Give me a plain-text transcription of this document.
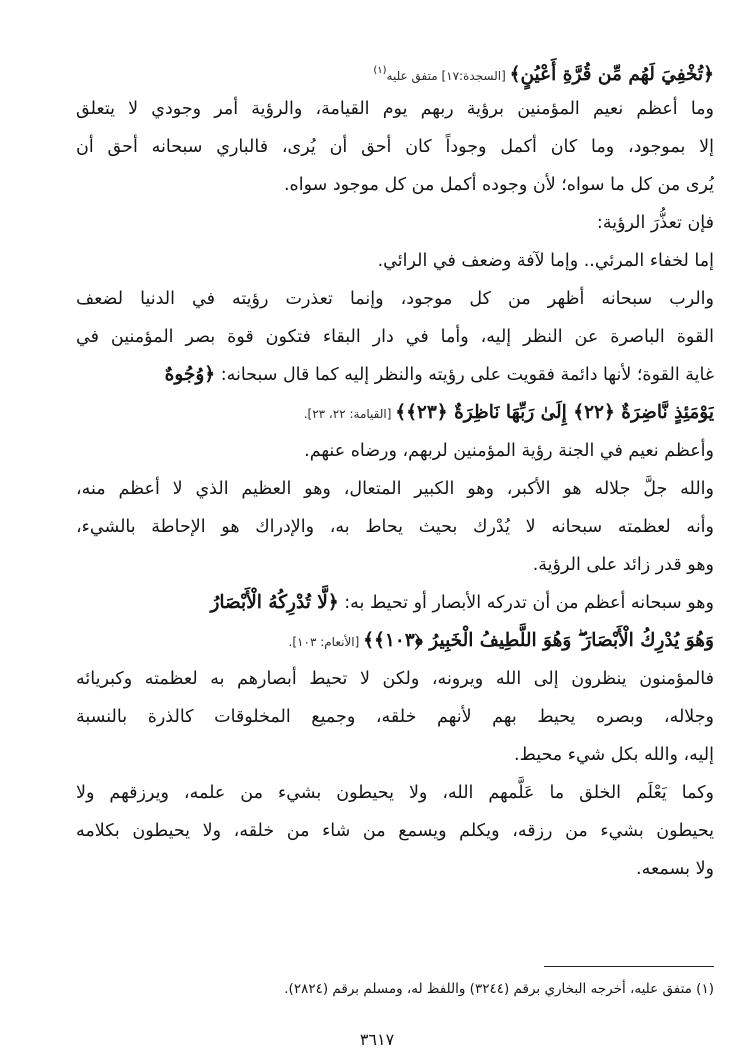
﴿تُخْفِيَ لَهُم مِّن قُرَّةِ أَعْيُنٍ﴾ [السجدة:١٧] متفق عليه$^{(١)}$
وما أعظم نعيم المؤمنين برؤية ربهم يوم القيامة، والرؤية أمر وجودي لا يتعلق
إلا بموجود، وما كان أكمل وجوداً كان أحق أن يُرى، فالباري سبحانه أحق أن
يُرى من كل ما سواه؛ لأن وجوده أكمل من كل موجود سواه.
فإن تعذُّرَ الرؤية:
إما لخفاء المرئي.. وإما لآفة وضعف في الرائي.
والرب سبحانه أظهر من كل موجود، وإنما تعذرت رؤيته في الدنيا لضعف
القوة الباصرة عن النظر إليه، وأما في دار البقاء فتكون قوة بصر المؤمنين في
غاية القوة؛ لأنها دائمة فقويت على رؤيته والنظر إليه كما قال سبحانه: ﴿وُجُوهٌ
يَوْمَئِذٍ نَّاضِرَةٌ ﴿٢٢﴾ إِلَىٰ رَبِّهَا نَاظِرَةٌ ﴿٢٣﴾﴾ [القيامة: ٢٢، ٢٣].
وأعظم نعيم في الجنة رؤية المؤمنين لربهم، ورضاه عنهم.
والله جلَّ جلاله هو الأكبر، وهو الكبير المتعال، وهو العظيم الذي لا أعظم منه،
وأنه لعظمته سبحانه لا يُدْرك بحيث يحاط به، والإدراك هو الإحاطة بالشيء،
وهو قدر زائد على الرؤية.
وهو سبحانه أعظم من أن تدركه الأبصار أو تحيط به: ﴿لَّا تُدْرِكُهُ الْأَبْصَارُ
وَهُوَ يُدْرِكُ الْأَبْصَارَ ۖ وَهُوَ اللَّطِيفُ الْخَبِيرُ ﴿١٠٣﴾﴾ [الأنعام: ١٠٣].
فالمؤمنون ينظرون إلى الله ويرونه، ولكن لا تحيط أبصارهم به لعظمته وكبريائه
وجلاله، وبصره يحيط بهم لأنهم خلقه، وجميع المخلوقات كالذرة بالنسبة
إليه، والله بكل شيء محيط.
وكما يَعْلَم الخلق ما عَلَّمهم الله، ولا يحيطون بشيء من علمه، ويرزقهم ولا
يحيطون بشيء من رزقه، ويكلم ويسمع من شاء من خلقه، ولا يحيطون بكلامه
ولا بسمعه.
(١) متفق عليه، أخرجه البخاري برقم (٣٢٤٤) واللفظ له، ومسلم برقم (٢٨٢٤).
٣٦١٧
